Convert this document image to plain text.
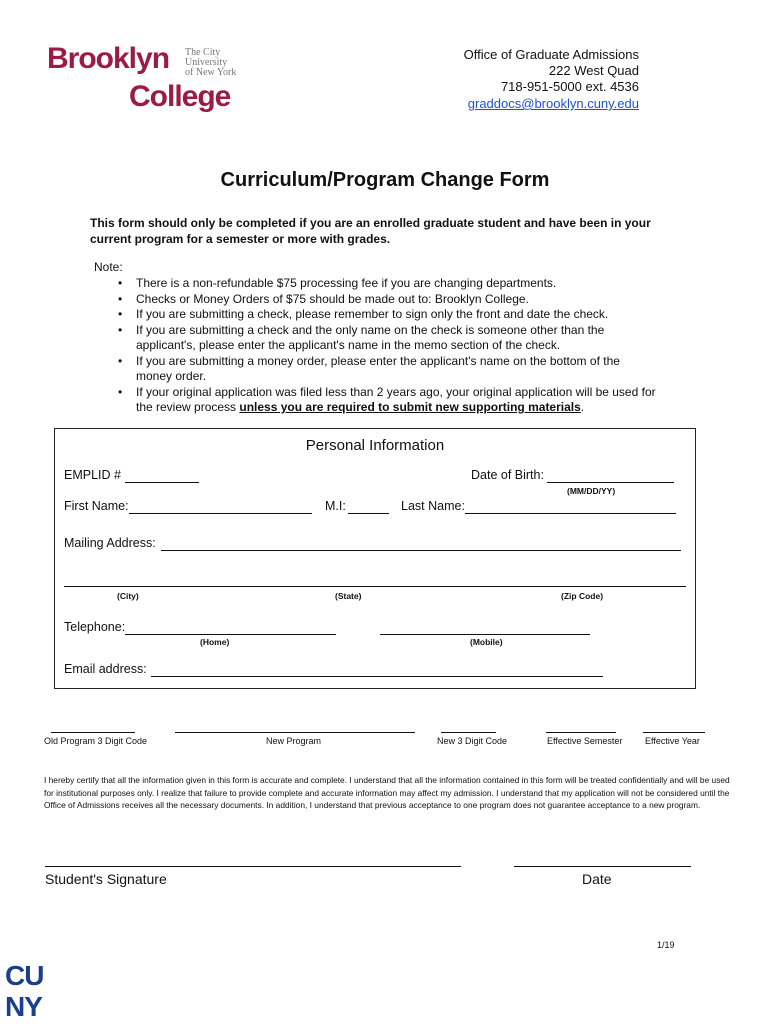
Brooklyn
College
The City
University
of New York
Office of Graduate Admissions
222 West Quad
718-951-5000 ext. 4536
graddocs@brooklyn.cuny.edu
Curriculum/Program Change Form
This form should only be completed if you are an enrolled graduate student and have been in your current program for a semester or more with grades.
Note:
• There is a non-refundable $75 processing fee if you are changing departments.
• Checks or Money Orders of $75 should be made out to: Brooklyn College.
• If you are submitting a check, please remember to sign only the front and date the check.
• If you are submitting a check and the only name on the check is someone other than the applicant's, please enter the applicant's name in the memo section of the check.
• If you are submitting a money order, please enter the applicant's name on the bottom of the money order.
• If your original application was filed less than 2 years ago, your original application will be used for the review process unless you are required to submit new supporting materials.
Personal Information
EMPLID #	Date of Birth:
(MM/DD/YY)
First Name:	M.I:	Last Name:
Mailing Address:
(City)	(State)	(Zip Code)
Telephone:
(Home)	(Mobile)
Email address:
Old Program 3 Digit Code	New Program	New 3 Digit Code	Effective Semester	Effective Year
I hereby certify that all the information given in this form is accurate and complete. I understand that all the information contained in this form will be treated confidentially and will be used for institutional purposes only. I realize that failure to provide complete and accurate information may affect my admission. I understand that my application will not be considered until the Office of Admissions receives all the necessary documents. In addition, I understand that previous acceptance to one program does not guarantee acceptance to a new program.
Student's Signature	Date
1/19
CU
NY
